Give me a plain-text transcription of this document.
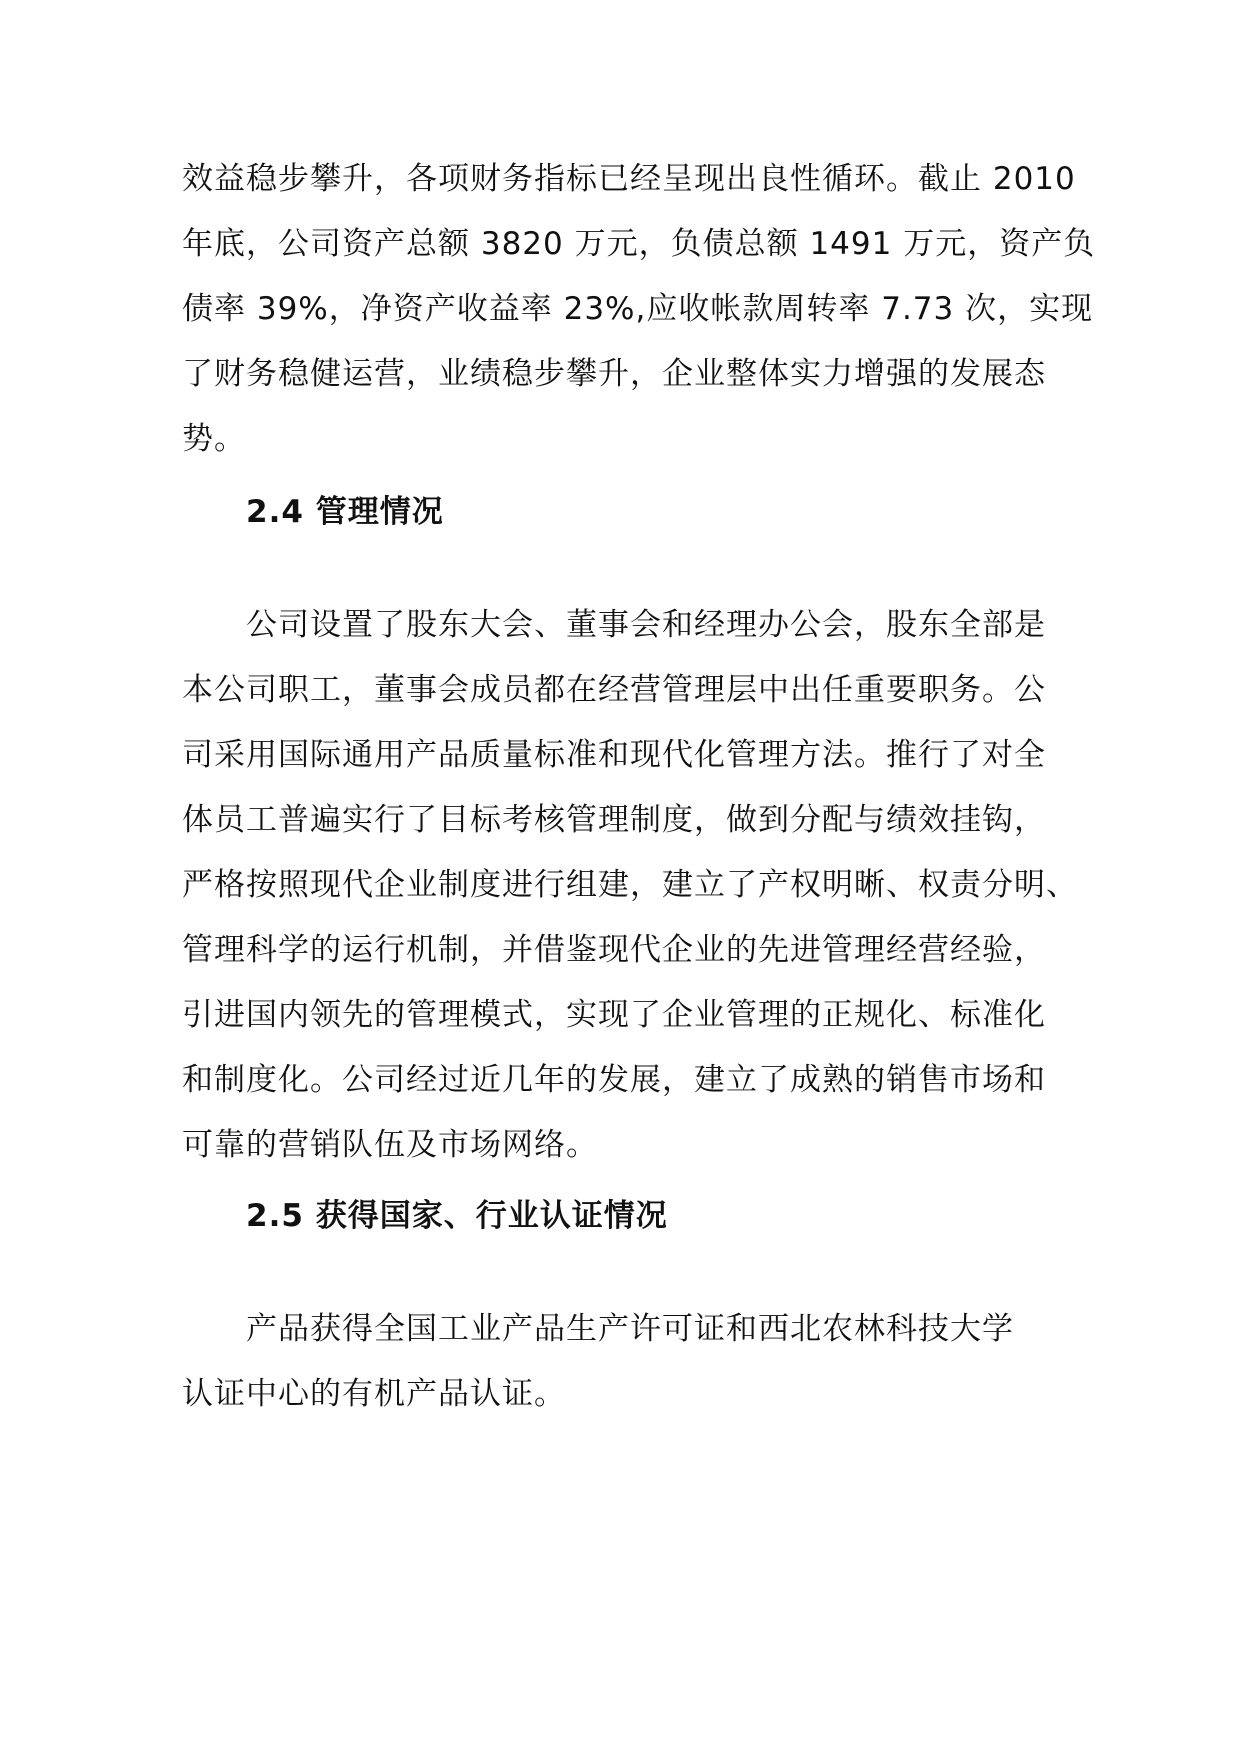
效益稳步攀升，各项财务指标已经呈现出良性循环。截止 2010
年底，公司资产总额 3820 万元，负债总额 1491 万元，资产负
债率 39%，净资产收益率 23%,应收帐款周转率 7.73 次，实现
了财务稳健运营，业绩稳步攀升，企业整体实力增强的发展态
势。
2.4 管理情况
公司设置了股东大会、董事会和经理办公会，股东全部是
本公司职工，董事会成员都在经营管理层中出任重要职务。公
司采用国际通用产品质量标准和现代化管理方法。推行了对全
体员工普遍实行了目标考核管理制度，做到分配与绩效挂钩，
严格按照现代企业制度进行组建，建立了产权明晰、权责分明、
管理科学的运行机制，并借鉴现代企业的先进管理经营经验，
引进国内领先的管理模式，实现了企业管理的正规化、标准化
和制度化。公司经过近几年的发展，建立了成熟的销售市场和
可靠的营销队伍及市场网络。
2.5 获得国家、行业认证情况
产品获得全国工业产品生产许可证和西北农林科技大学
认证中心的有机产品认证。
